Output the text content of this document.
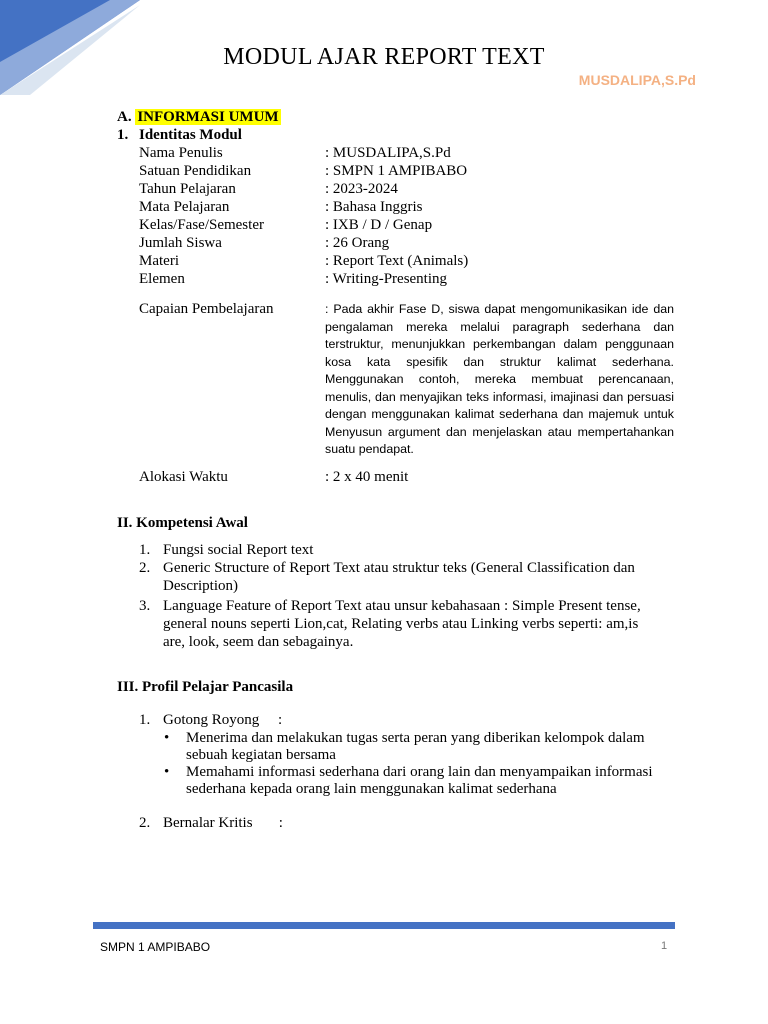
MODUL AJAR REPORT TEXT
MUSDALIPA,S.Pd
A. INFORMASI UMUM
1. Identitas Modul
Nama Penulis	: MUSDALIPA,S.Pd
Satuan Pendidikan	: SMPN 1 AMPIBABO
Tahun Pelajaran	: 2023-2024
Mata Pelajaran	: Bahasa Inggris
Kelas/Fase/Semester	: IXB / D / Genap
Jumlah Siswa	: 26 Orang
Materi	: Report Text (Animals)
Elemen	: Writing-Presenting
Capaian Pembelajaran	: Pada akhir Fase D, siswa dapat mengomunikasikan ide dan pengalaman mereka melalui paragraph sederhana dan terstruktur, menunjukkan perkembangan dalam penggunaan kosa kata spesifik dan struktur kalimat sederhana. Menggunakan contoh, mereka membuat perencanaan, menulis, dan menyajikan teks informasi, imajinasi dan persuasi dengan menggunakan kalimat sederhana dan majemuk untuk Menyusun argument dan menjelaskan atau mempertahankan suatu pendapat.
Alokasi Waktu	: 2 x 40 menit
II. Kompetensi Awal
1. Fungsi social Report text
2. Generic Structure of Report Text atau struktur teks (General Classification dan
Description)
3. Language Feature of Report Text atau unsur kebahasaan : Simple Present tense,
general nouns seperti Lion,cat, Relating verbs atau Linking verbs seperti: am,is
are, look, seem dan sebagainya.
III. Profil Pelajar Pancasila
1. Gotong Royong     :
• Menerima dan melakukan tugas serta peran yang diberikan kelompok dalam
sebuah kegiatan bersama
• Memahami informasi sederhana dari orang lain dan menyampaikan informasi
sederhana kepada orang lain menggunakan kalimat sederhana
2. Bernalar Kritis       :
SMPN 1 AMPIBABO	1
